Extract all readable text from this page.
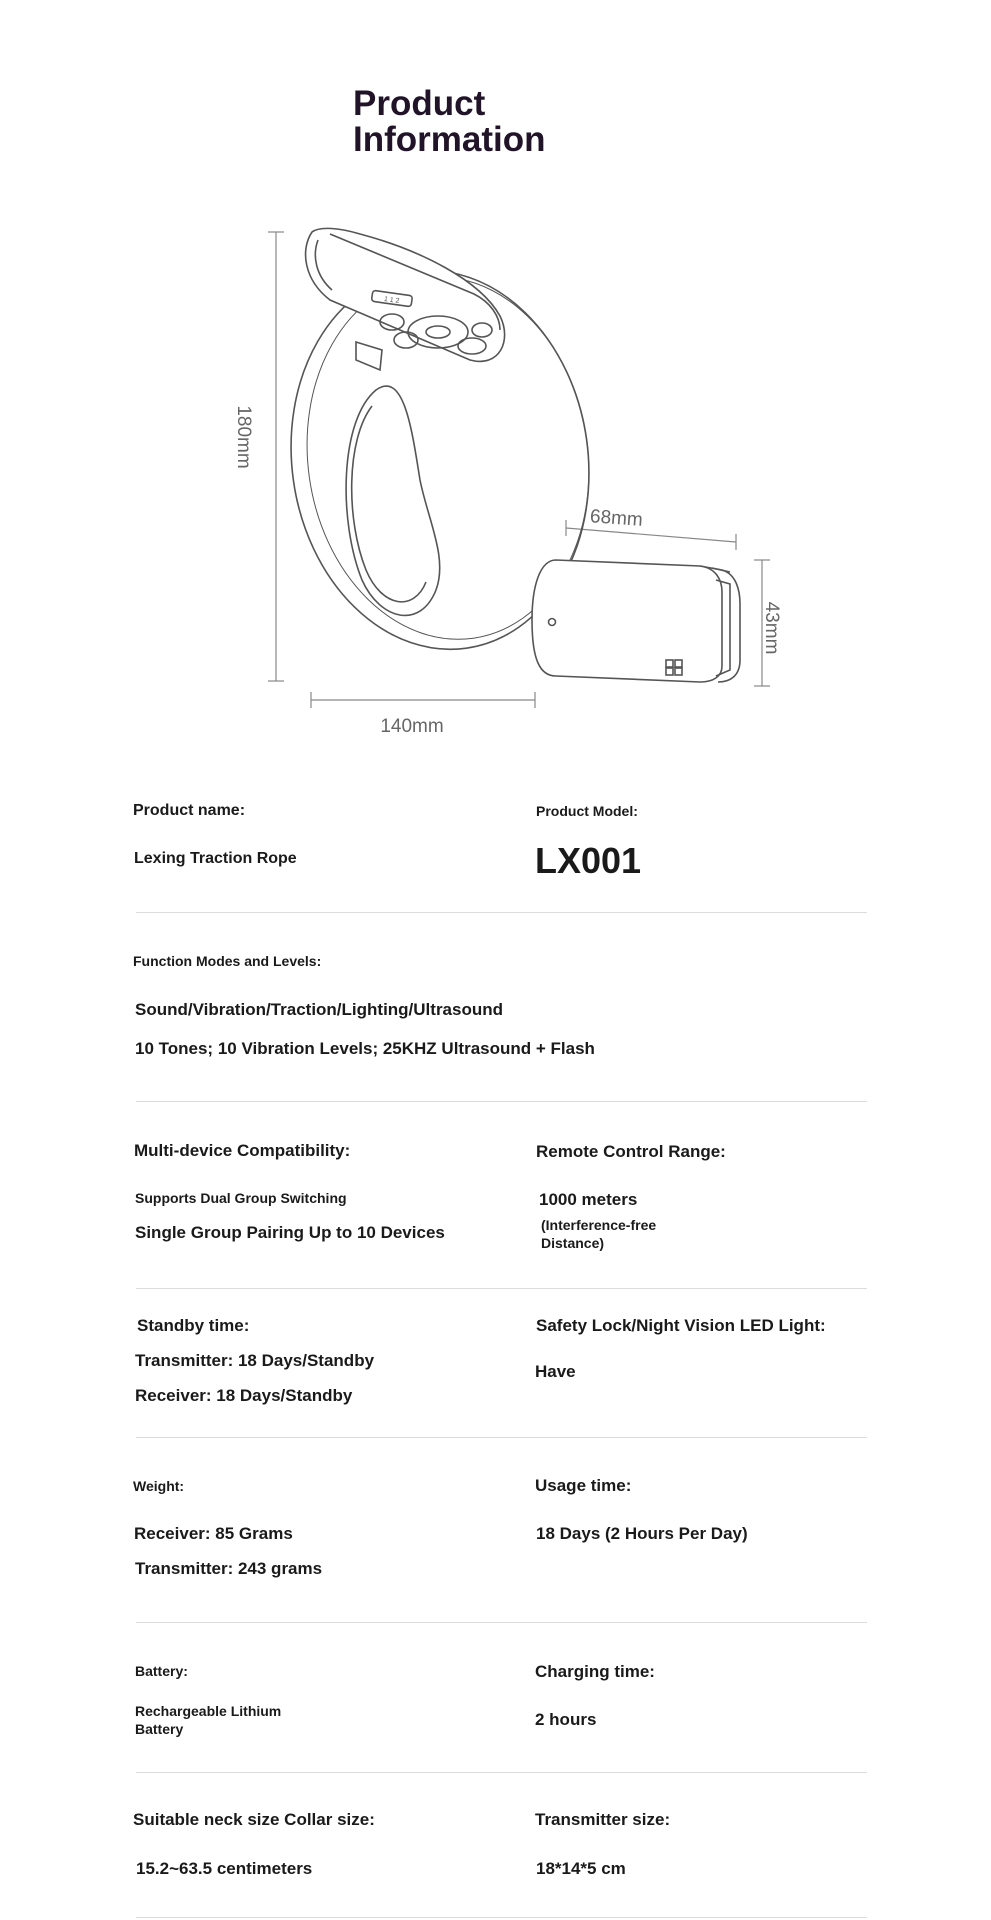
Product
Information
180mm
140mm
68mm
43mm
1 1 2
Product name:
Lexing Traction Rope
Product Model:
LX001
Function Modes and Levels:
Sound/Vibration/Traction/Lighting/Ultrasound
10 Tones; 10 Vibration Levels; 25KHZ Ultrasound + Flash
Multi-device Compatibility:
Supports Dual Group Switching
Single Group Pairing Up to 10 Devices
Remote Control Range:
1000 meters
(Interference-free Distance)
Standby time:
Transmitter: 18 Days/Standby
Receiver: 18 Days/Standby
Safety Lock/Night Vision LED Light:
Have
Weight:
Receiver: 85 Grams
Transmitter: 243 grams
Usage time:
18 Days (2 Hours Per Day)
Battery:
Rechargeable Lithium Battery
Charging time:
2 hours
Suitable neck size Collar size:
15.2~63.5 centimeters
Transmitter size:
18*14*5 cm
